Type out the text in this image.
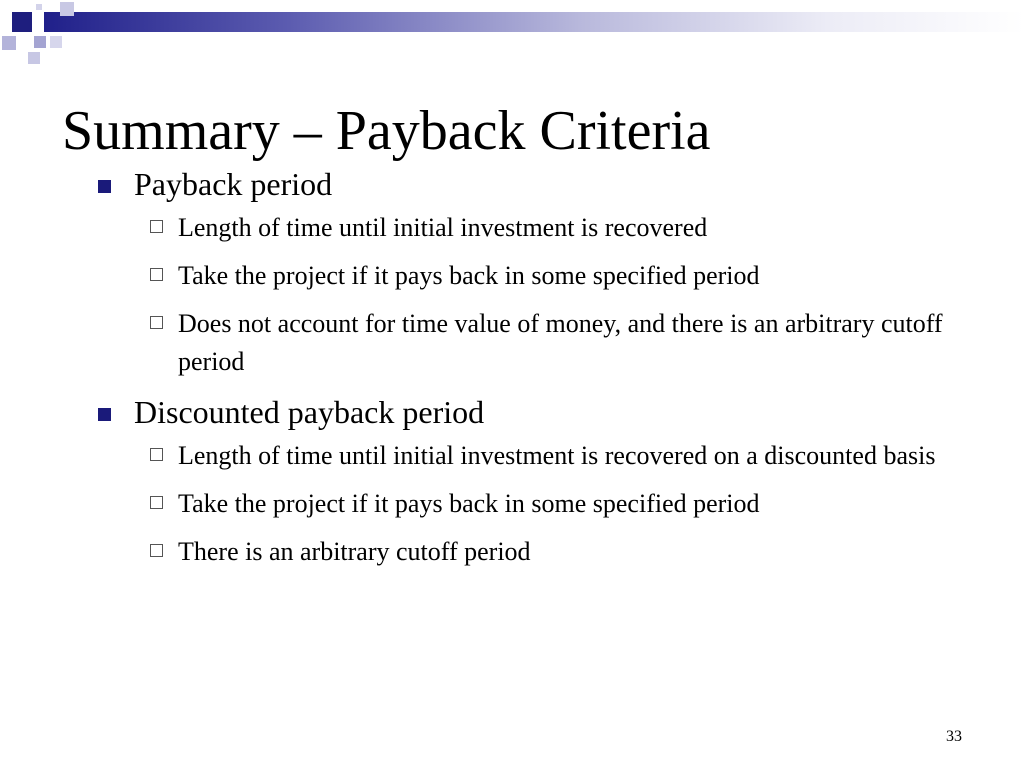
Summary – Payback Criteria
Payback period
Length of time until initial investment is recovered
Take the project if it pays back in some specified period
Does not account for time value of money, and there is an arbitrary cutoff period
Discounted payback period
Length of time until initial investment is recovered on a discounted basis
Take the project if it pays back in some specified period
There is an arbitrary cutoff period
33
